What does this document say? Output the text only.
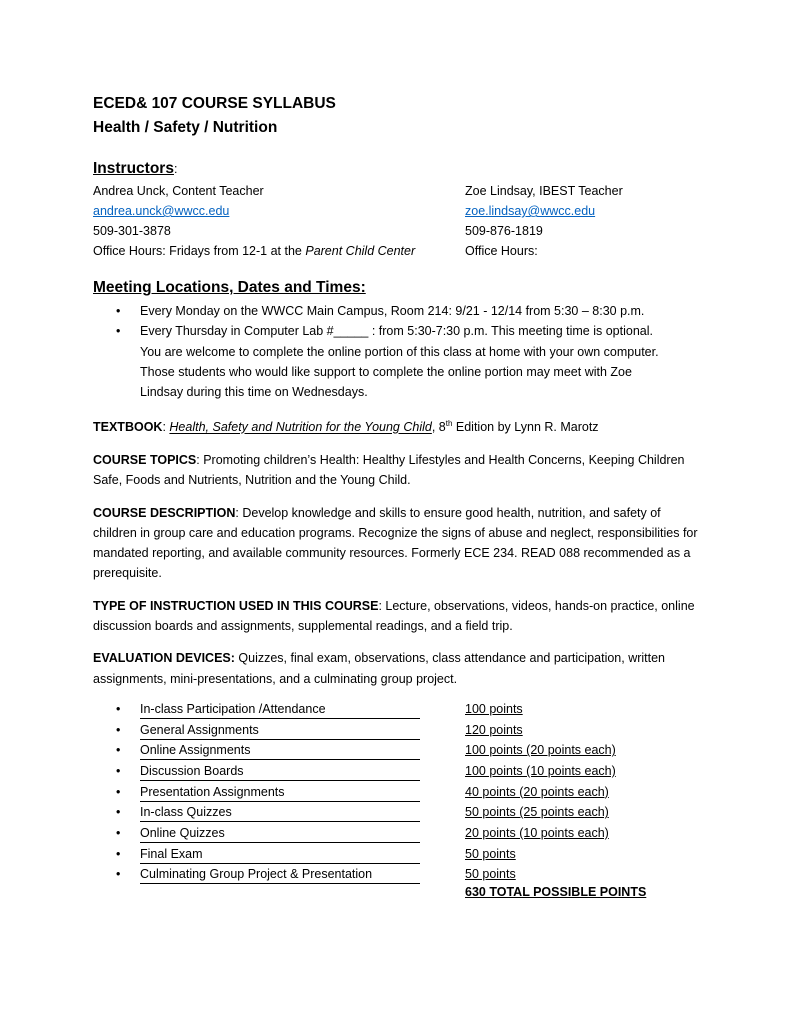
ECED& 107 COURSE SYLLABUS
Health / Safety / Nutrition
Instructors:
Andrea Unck, Content Teacher
andrea.unck@wwcc.edu
509-301-3878
Office Hours: Fridays from 12-1 at the Parent Child Center
Zoe Lindsay, IBEST Teacher
zoe.lindsay@wwcc.edu
509-876-1819
Office Hours:
Meeting Locations, Dates and Times:
• Every Monday on the WWCC Main Campus, Room 214: 9/21 - 12/14 from 5:30 – 8:30 p.m.
• Every Thursday in Computer Lab #_____ : from 5:30-7:30 p.m. This meeting time is optional.
You are welcome to complete the online portion of this class at home with your own computer.
Those students who would like support to complete the online portion may meet with Zoe
Lindsay during this time on Wednesdays.

TEXTBOOK: Health, Safety and Nutrition for the Young Child, 8th Edition by Lynn R. Marotz

COURSE TOPICS: Promoting children’s Health: Healthy Lifestyles and Health Concerns, Keeping Children Safe, Foods and Nutrients, Nutrition and the Young Child.

COURSE DESCRIPTION: Develop knowledge and skills to ensure good health, nutrition, and safety of children in group care and education programs. Recognize the signs of abuse and neglect, responsibilities for mandated reporting, and available community resources. Formerly ECE 234. READ 088 recommended as a prerequisite.

TYPE OF INSTRUCTION USED IN THIS COURSE: Lecture, observations, videos, hands-on practice, online discussion boards and assignments, supplemental readings, and a field trip.

EVALUATION DEVICES: Quizzes, final exam, observations, class attendance and participation, written assignments, mini-presentations, and a culminating group project.

• In-class Participation /Attendance	100 points
• General Assignments	120 points
• Online Assignments	100 points (20 points each)
• Discussion Boards	100 points (10 points each)
• Presentation Assignments	40 points (20 points each)
• In-class Quizzes	50 points (25 points each)
• Online Quizzes	20 points (10 points each)
• Final Exam	50 points
• Culminating Group Project & Presentation	50 points
630 TOTAL POSSIBLE POINTS
